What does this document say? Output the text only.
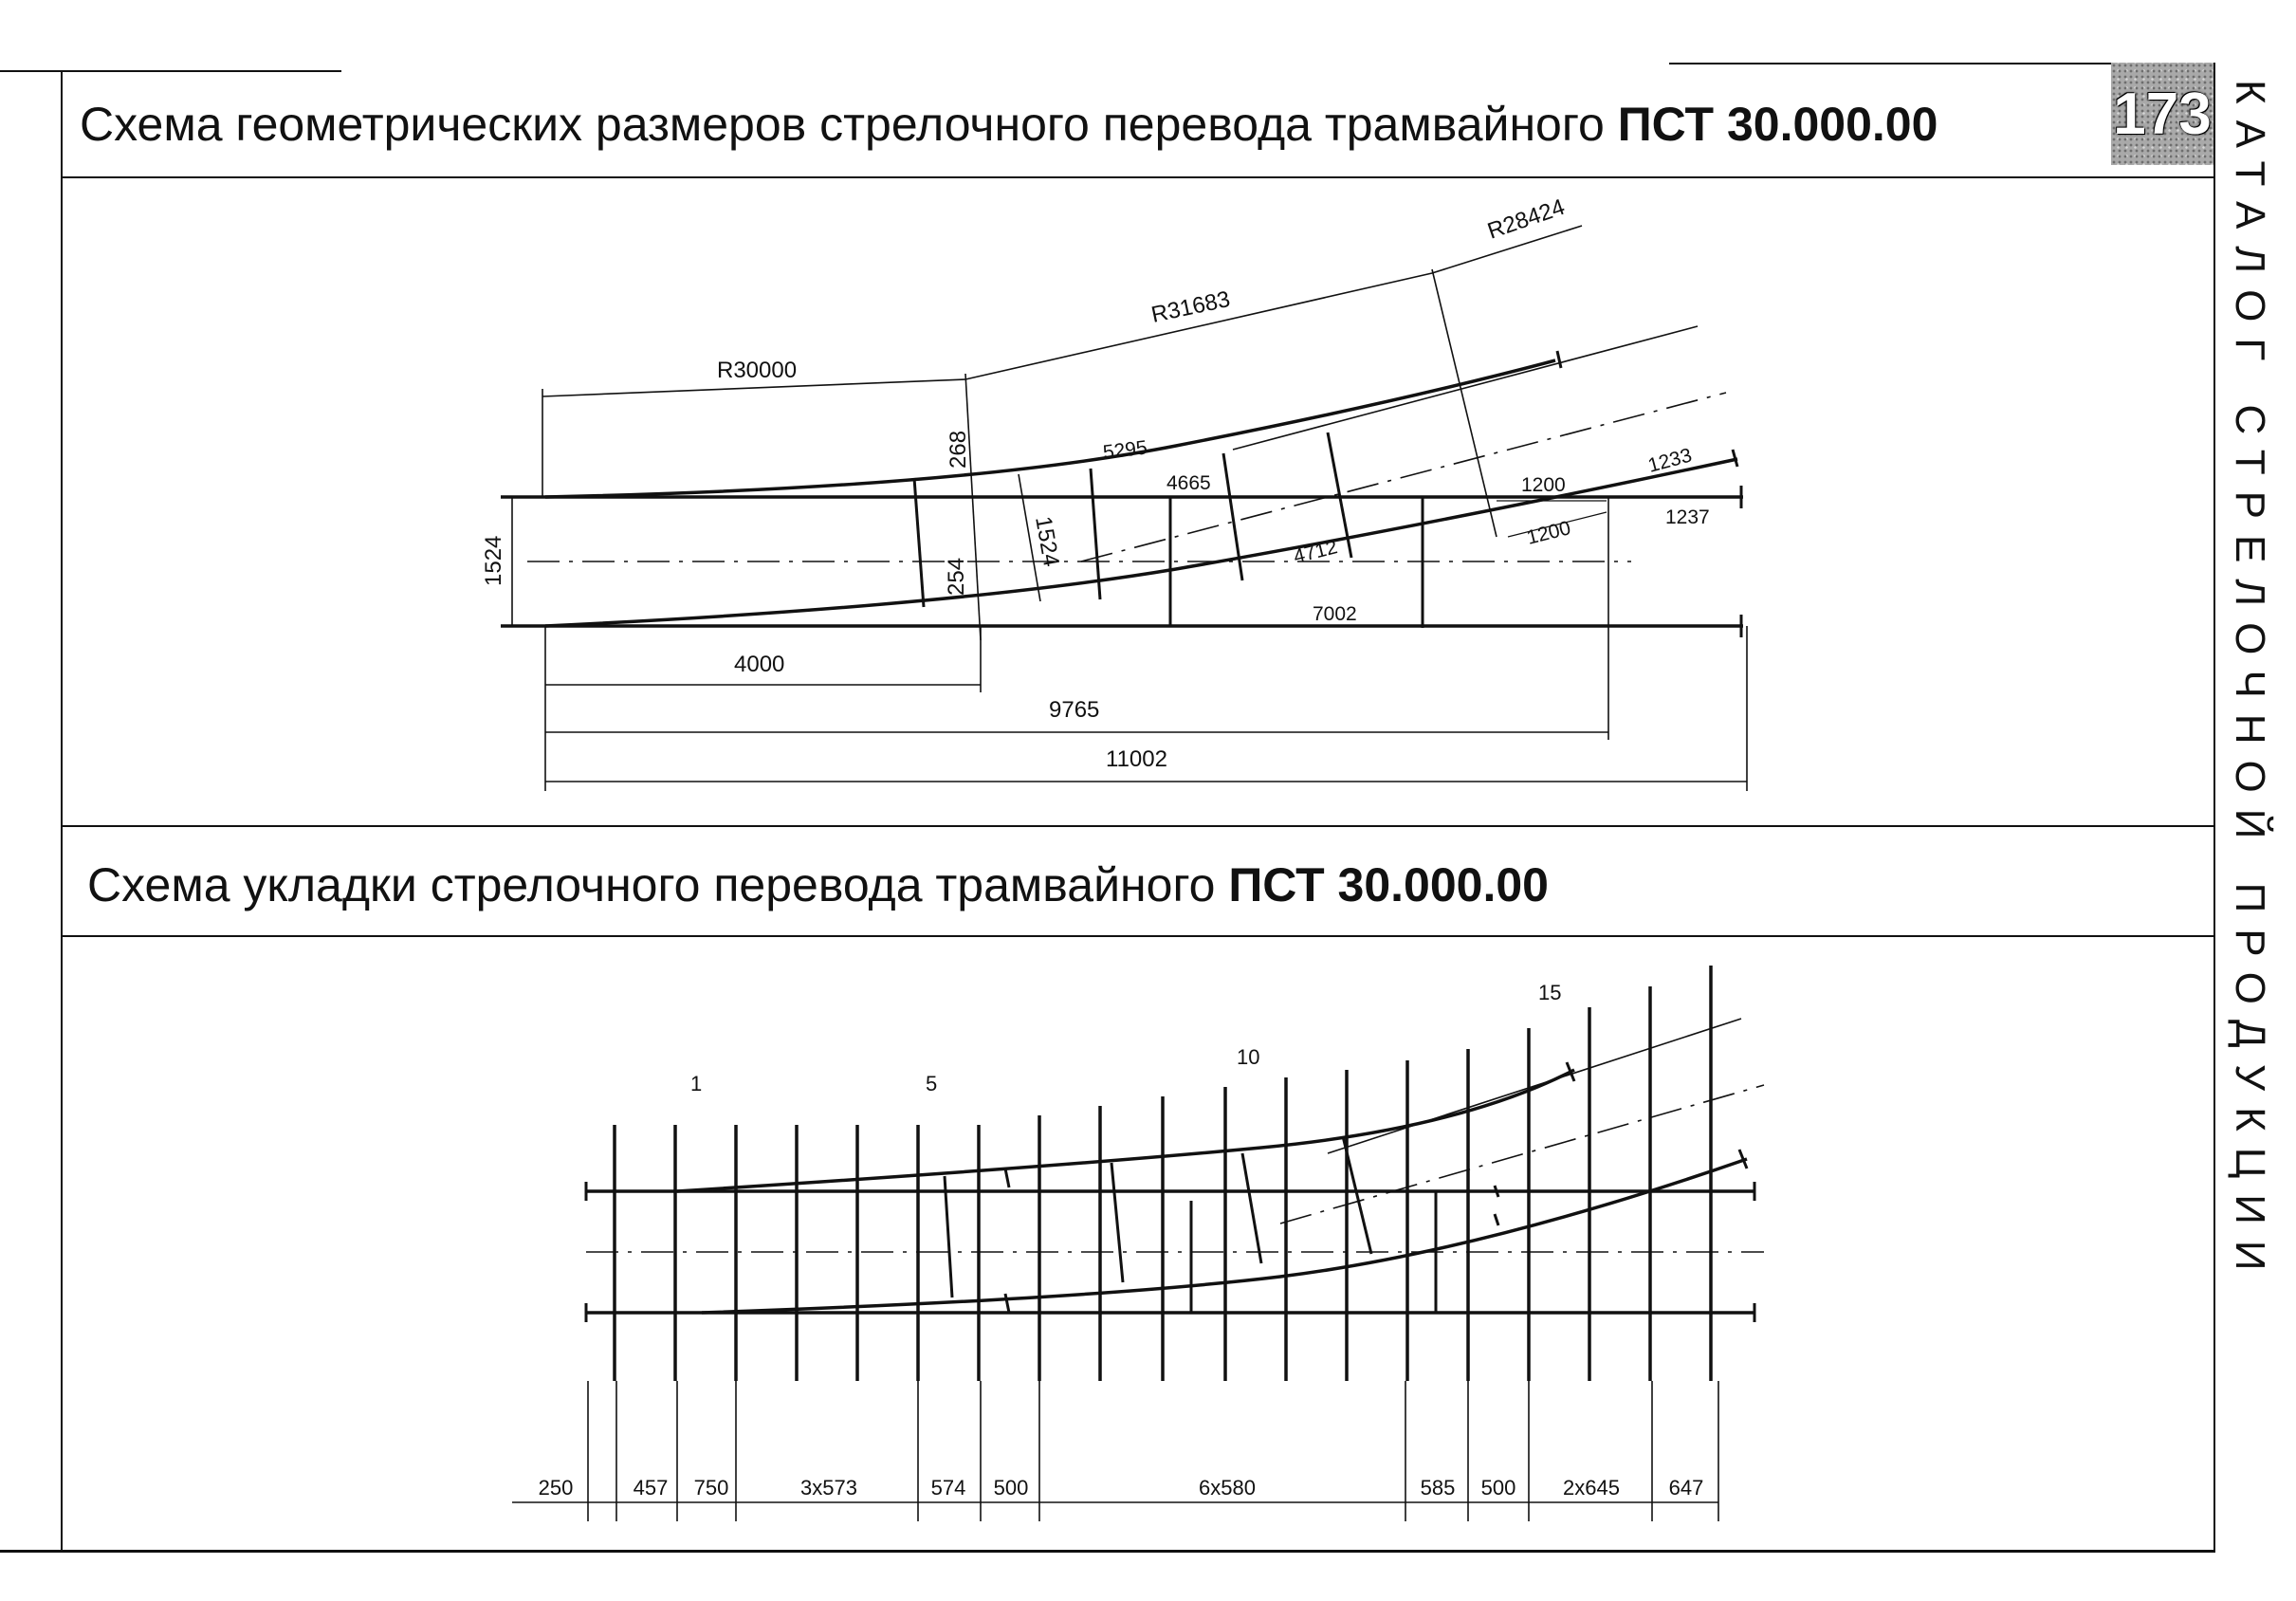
Схема геометрических размеров стрелочного перевода трамвайного ПСТ 30.000.00	173 КАТАЛОГ СТРЕЛОЧНОЙ ПРОДУКЦИИ
Схема укладки стрелочного перевода трамвайного ПСТ 30.000.00
R30000
R31683
R28424
1524	1524
268
254
5295
4665
4712
7002
1200
1200
1233
1237
4000
9765
11002
250	457 750	3x573	574 500	6x580	585 500 2x645 647
1	5
10
15
